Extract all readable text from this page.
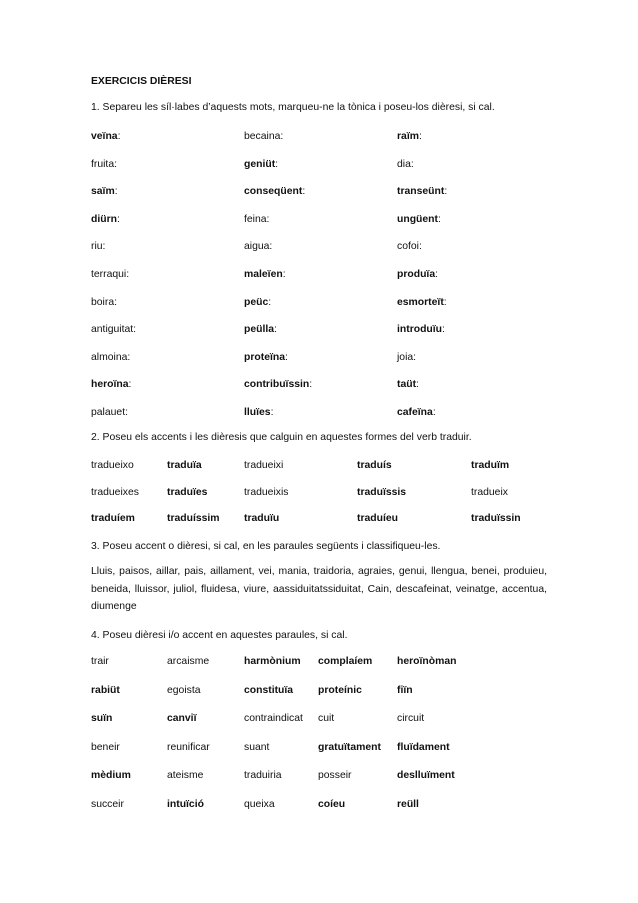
EXERCICIS DIÈRESI
1. Separeu les síl·labes d’aquests mots, marqueu-ne la tònica i poseu-los dièresi, si cal.
veïna:	becaina:	raïm:
fruita:	geniüt:	dia:
saïm:	conseqüent:	transeünt:
diürn:	feina:	ungüent:
riu:	aigua:	cofoi:
terraqui:	maleïen:	produïa:
boira:	peüc:	esmorteït:
antiguitat:	peülla:	introduïu:
almoina:	proteïna:	joia:
heroïna:	contribuïssin:	taüt:
palauet:	lluïes:	cafeïna:
2. Poseu els accents i les dièresis que calguin en aquestes formes del verb traduir.
tradueixo	traduïa	tradueixi	traduís	traduïm
tradueixes	traduïes	tradueixis	traduïssis	tradueix
traduíem	traduíssim traduïu	traduíeu	traduïssin
3. Poseu accent o dièresi, si cal, en les paraules següents i classifiqueu-les.
Lluis, paisos, aillar, pais, aillament, vei, mania, traidoria, agraies, genui, llengua, benei, produieu, beneida, lluissor, juliol, fluidesa, viure, aassiduitatssiduitat, Cain, descafeinat, veinatge, accentua, diumenge
4. Poseu dièresi i/o accent en aquestes paraules, si cal.
trair	arcaisme	harmònium complaíem heroïnòman
rabiüt	egoista	constituïa proteínic	fiïn
suïn	canviï	contraindicat cuit	circuit
beneir	reunificar	suant	gratuïtament fluïdament
mèdium	ateisme	traduiria	posseir	deslluïment
succeir	intuïció	queixa	coíeu	reüll
